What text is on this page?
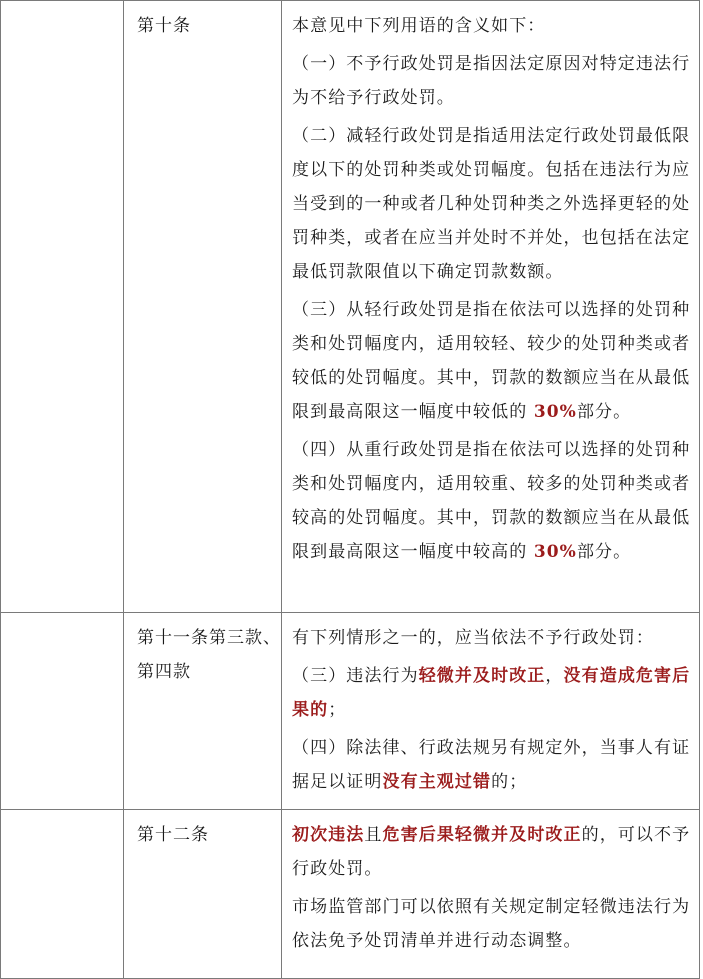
	第十条	本意见中下列用语的含义如下：
（一）不予行政处罚是指因法定原因对特定违法行为不给予行政处罚。
（二）减轻行政处罚是指适用法定行政处罚最低限度以下的处罚种类或处罚幅度。包括在违法行为应当受到的一种或者几种处罚种类之外选择更轻的处罚种类，或者在应当并处时不并处，也包括在法定最低罚款限值以下确定罚款数额。
（三）从轻行政处罚是指在依法可以选择的处罚种类和处罚幅度内，适用较轻、较少的处罚种类或者较低的处罚幅度。其中，罚款的数额应当在从最低限到最高限这一幅度中较低的 30%部分。
（四）从重行政处罚是指在依法可以选择的处罚种类和处罚幅度内，适用较重、较多的处罚种类或者较高的处罚幅度。其中，罚款的数额应当在从最低限到最高限这一幅度中较高的 30%部分。

	第十一条第三款、第四款	有下列情形之一的，应当依法不予行政处罚：
（三）违法行为轻微并及时改正，没有造成危害后果的；
（四）除法律、行政法规另有规定外，当事人有证据足以证明没有主观过错的；

	第十二条	初次违法且危害后果轻微并及时改正的，可以不予行政处罚。
市场监管部门可以依照有关规定制定轻微违法行为依法免予处罚清单并进行动态调整。
